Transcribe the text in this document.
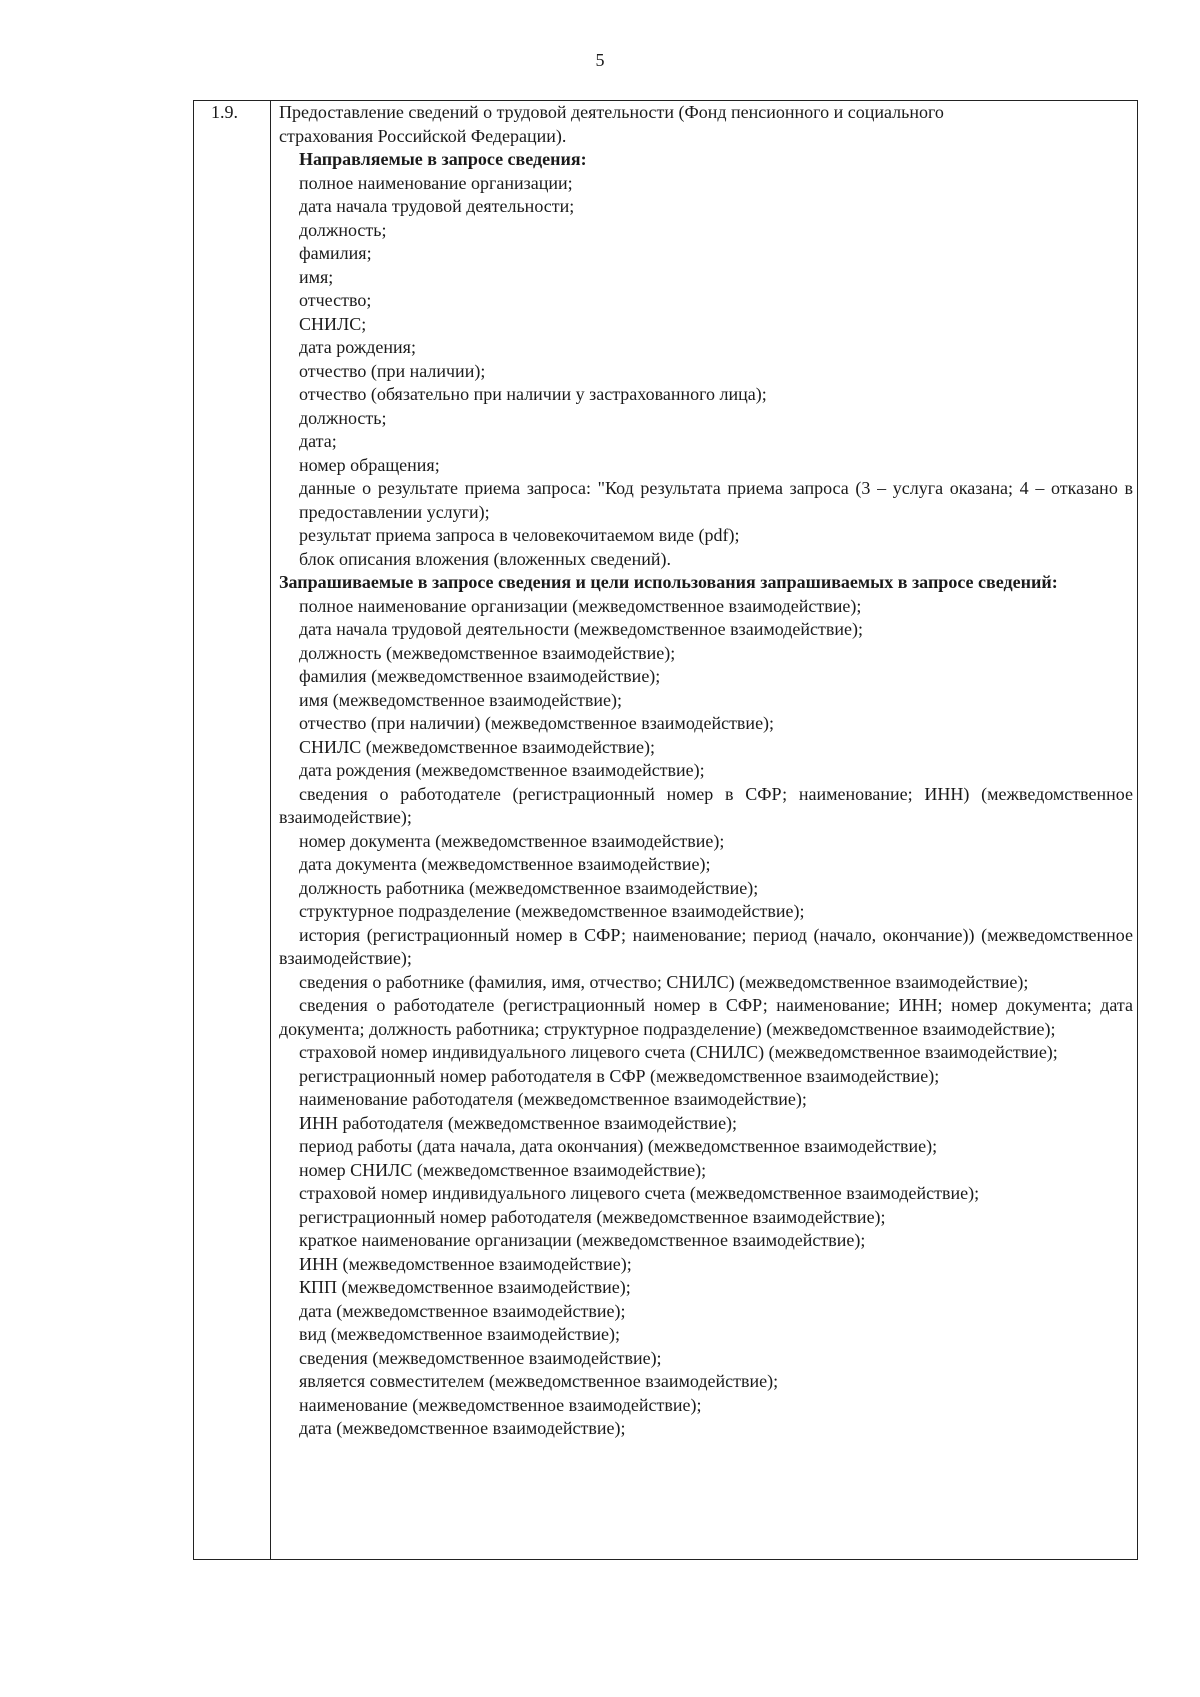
5
1.9.	Предоставление сведений о трудовой деятельности (Фонд пенсионного и социального
страхования Российской Федерации).
Направляемые в запросе сведения:
полное наименование организации;
дата начала трудовой деятельности;
должность;
фамилия;
имя;
отчество;
СНИЛС;
дата рождения;
отчество (при наличии);
отчество (обязательно при наличии у застрахованного лица);
должность;
дата;
номер обращения;
данные о результате приема запроса: "Код результата приема запроса (3 – услуга оказана; 4 – отказано в предоставлении услуги);
результат приема запроса в человекочитаемом виде (pdf);
блок описания вложения (вложенных сведений).
Запрашиваемые в запросе сведения и цели использования запрашиваемых в запросе сведений:
полное наименование организации (межведомственное взаимодействие);
дата начала трудовой деятельности (межведомственное взаимодействие);
должность (межведомственное взаимодействие);
фамилия (межведомственное взаимодействие);
имя (межведомственное взаимодействие);
отчество (при наличии) (межведомственное взаимодействие);
СНИЛС (межведомственное взаимодействие);
дата рождения (межведомственное взаимодействие);
сведения о работодателе (регистрационный номер в СФР; наименование; ИНН) (межведомственное взаимодействие);
номер документа (межведомственное взаимодействие);
дата документа (межведомственное взаимодействие);
должность работника (межведомственное взаимодействие);
структурное подразделение (межведомственное взаимодействие);
история (регистрационный номер в СФР; наименование; период (начало, окончание)) (межведомственное взаимодействие);
сведения о работнике (фамилия, имя, отчество; СНИЛС) (межведомственное взаимодействие);
сведения о работодателе (регистрационный номер в СФР; наименование; ИНН; номер документа; дата документа; должность работника; структурное подразделение) (межведомственное взаимодействие);
страховой номер индивидуального лицевого счета (СНИЛС) (межведомственное взаимодействие);
регистрационный номер работодателя в СФР (межведомственное взаимодействие);
наименование работодателя (межведомственное взаимодействие);
ИНН работодателя (межведомственное взаимодействие);
период работы (дата начала, дата окончания) (межведомственное взаимодействие);
номер СНИЛС (межведомственное взаимодействие);
страховой номер индивидуального лицевого счета (межведомственное взаимодействие);
регистрационный номер работодателя (межведомственное взаимодействие);
краткое наименование организации (межведомственное взаимодействие);
ИНН (межведомственное взаимодействие);
КПП (межведомственное взаимодействие);
дата (межведомственное взаимодействие);
вид (межведомственное взаимодействие);
сведения (межведомственное взаимодействие);
является совместителем (межведомственное взаимодействие);
наименование (межведомственное взаимодействие);
дата (межведомственное взаимодействие);
